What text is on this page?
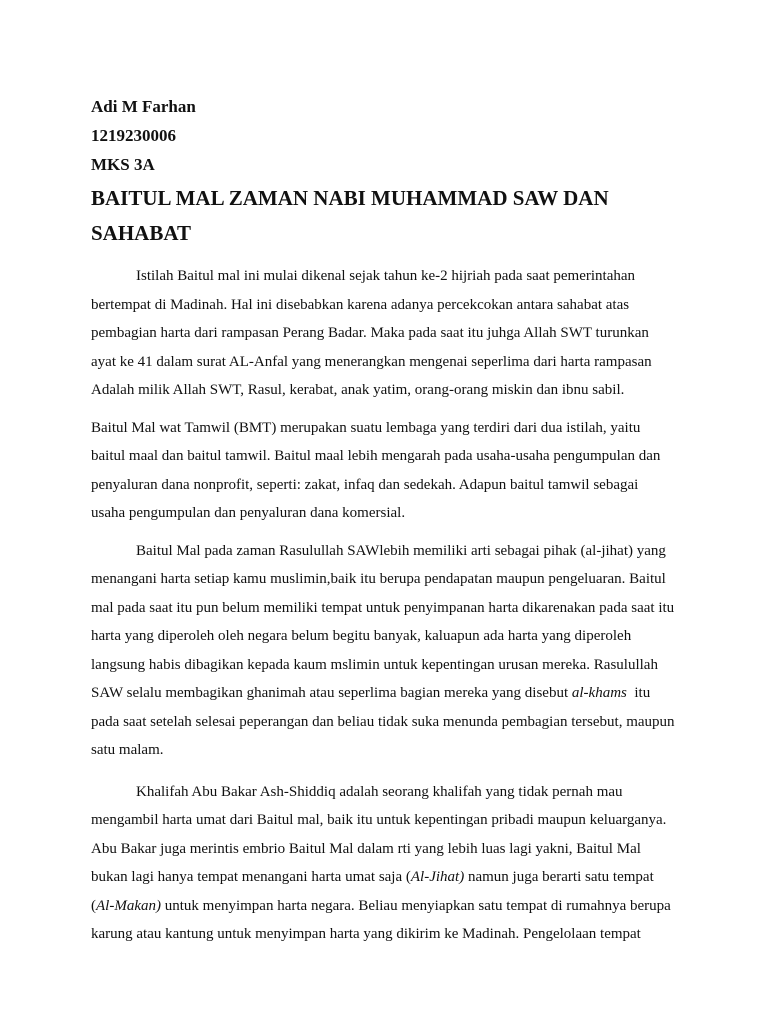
Adi M Farhan
1219230006
MKS 3A
BAITUL MAL ZAMAN NABI MUHAMMAD SAW DAN
SAHABAT
Istilah Baitul mal ini mulai dikenal sejak tahun ke-2 hijriah pada saat pemerintahan
bertempat di Madinah. Hal ini disebabkan karena adanya percekcokan antara sahabat atas
pembagian harta dari rampasan Perang Badar. Maka pada saat itu juhga Allah SWT turunkan
ayat ke 41 dalam surat AL-Anfal yang menerangkan mengenai seperlima dari harta rampasan
Adalah milik Allah SWT, Rasul, kerabat, anak yatim, orang-orang miskin dan ibnu sabil.
Baitul Mal wat Tamwil (BMT) merupakan suatu lembaga yang terdiri dari dua istilah, yaitu
baitul maal dan baitul tamwil. Baitul maal lebih mengarah pada usaha-usaha pengumpulan dan
penyaluran dana nonprofit, seperti: zakat, infaq dan sedekah. Adapun baitul tamwil sebagai
usaha pengumpulan dan penyaluran dana komersial.
Baitul Mal pada zaman Rasulullah SAWlebih memiliki arti sebagai pihak (al-jihat) yang
menangani harta setiap kamu muslimin,baik itu berupa pendapatan maupun pengeluaran. Baitul
mal pada saat itu pun belum memiliki tempat untuk penyimpanan harta dikarenakan pada saat itu
harta yang diperoleh oleh negara belum begitu banyak, kaluapun ada harta yang diperoleh
langsung habis dibagikan kepada kaum mslimin untuk kepentingan urusan mereka. Rasulullah
SAW selalu membagikan ghanimah atau seperlima bagian mereka yang disebut al-khams  itu
pada saat setelah selesai peperangan dan beliau tidak suka menunda pembagian tersebut, maupun
satu malam.
Khalifah Abu Bakar Ash-Shiddiq adalah seorang khalifah yang tidak pernah mau
mengambil harta umat dari Baitul mal, baik itu untuk kepentingan pribadi maupun keluarganya.
Abu Bakar juga merintis embrio Baitul Mal dalam rti yang lebih luas lagi yakni, Baitul Mal
bukan lagi hanya tempat menangani harta umat saja (Al-Jihat) namun juga berarti satu tempat
(Al-Makan) untuk menyimpan harta negara. Beliau menyiapkan satu tempat di rumahnya berupa
karung atau kantung untuk menyimpan harta yang dikirim ke Madinah. Pengelolaan tempat
